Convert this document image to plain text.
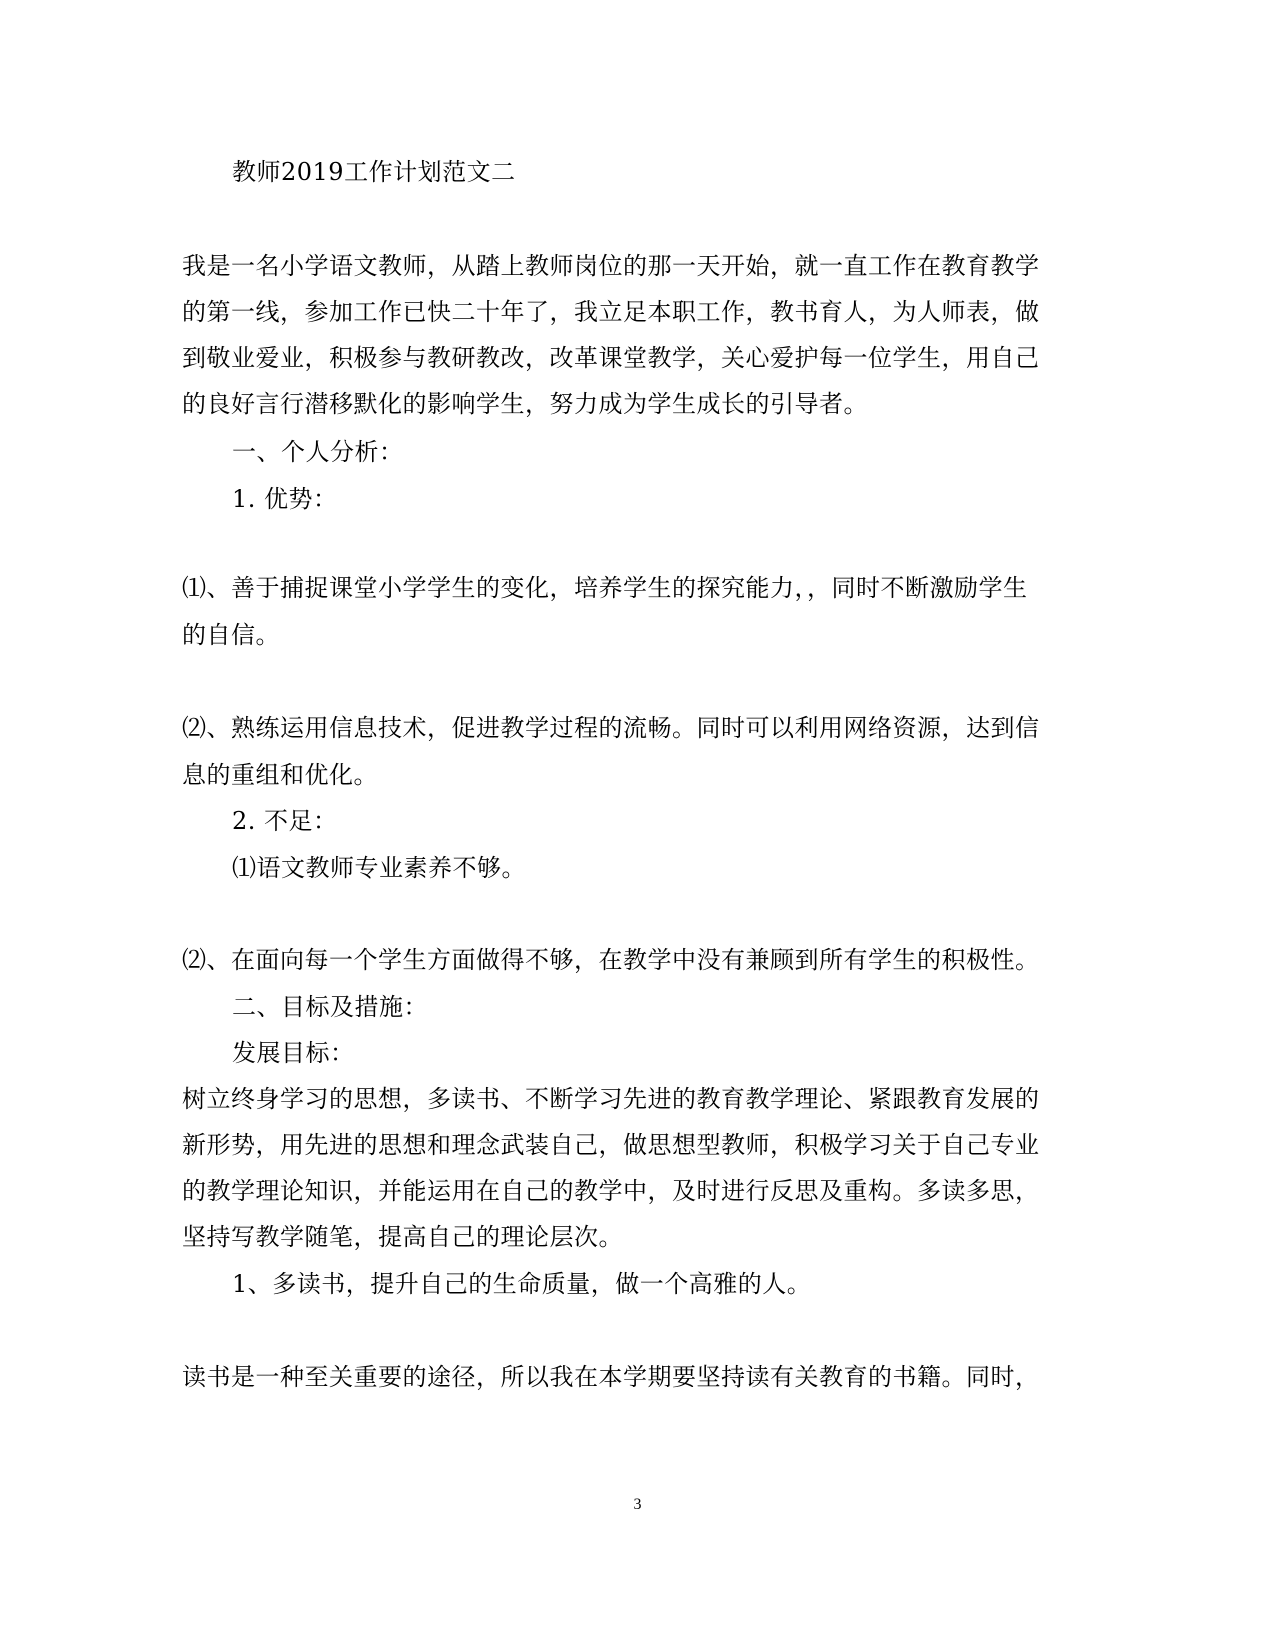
教师2019工作计划范文二
我是一名小学语文教师，从踏上教师岗位的那一天开始，就一直工作在教育教学
的第一线，参加工作已快二十年了，我立足本职工作，教书育人，为人师表，做
到敬业爱业，积极参与教研教改，改革课堂教学，关心爱护每一位学生，用自己
的良好言行潜移默化的影响学生，努力成为学生成长的引导者。
一、个人分析：
1. 优势：
⑴、善于捕捉课堂小学学生的变化，培养学生的探究能力，，同时不断激励学生
的自信。
⑵、熟练运用信息技术，促进教学过程的流畅。同时可以利用网络资源，达到信
息的重组和优化。
2. 不足：
⑴语文教师专业素养不够。
⑵、在面向每一个学生方面做得不够，在教学中没有兼顾到所有学生的积极性。
二、目标及措施：
发展目标：
树立终身学习的思想，多读书、不断学习先进的教育教学理论、紧跟教育发展的
新形势，用先进的思想和理念武装自己，做思想型教师，积极学习关于自己专业
的教学理论知识，并能运用在自己的教学中，及时进行反思及重构。多读多思，
坚持写教学随笔，提高自己的理论层次。
1、多读书，提升自己的生命质量，做一个高雅的人。
读书是一种至关重要的途径，所以我在本学期要坚持读有关教育的书籍。同时，
3
